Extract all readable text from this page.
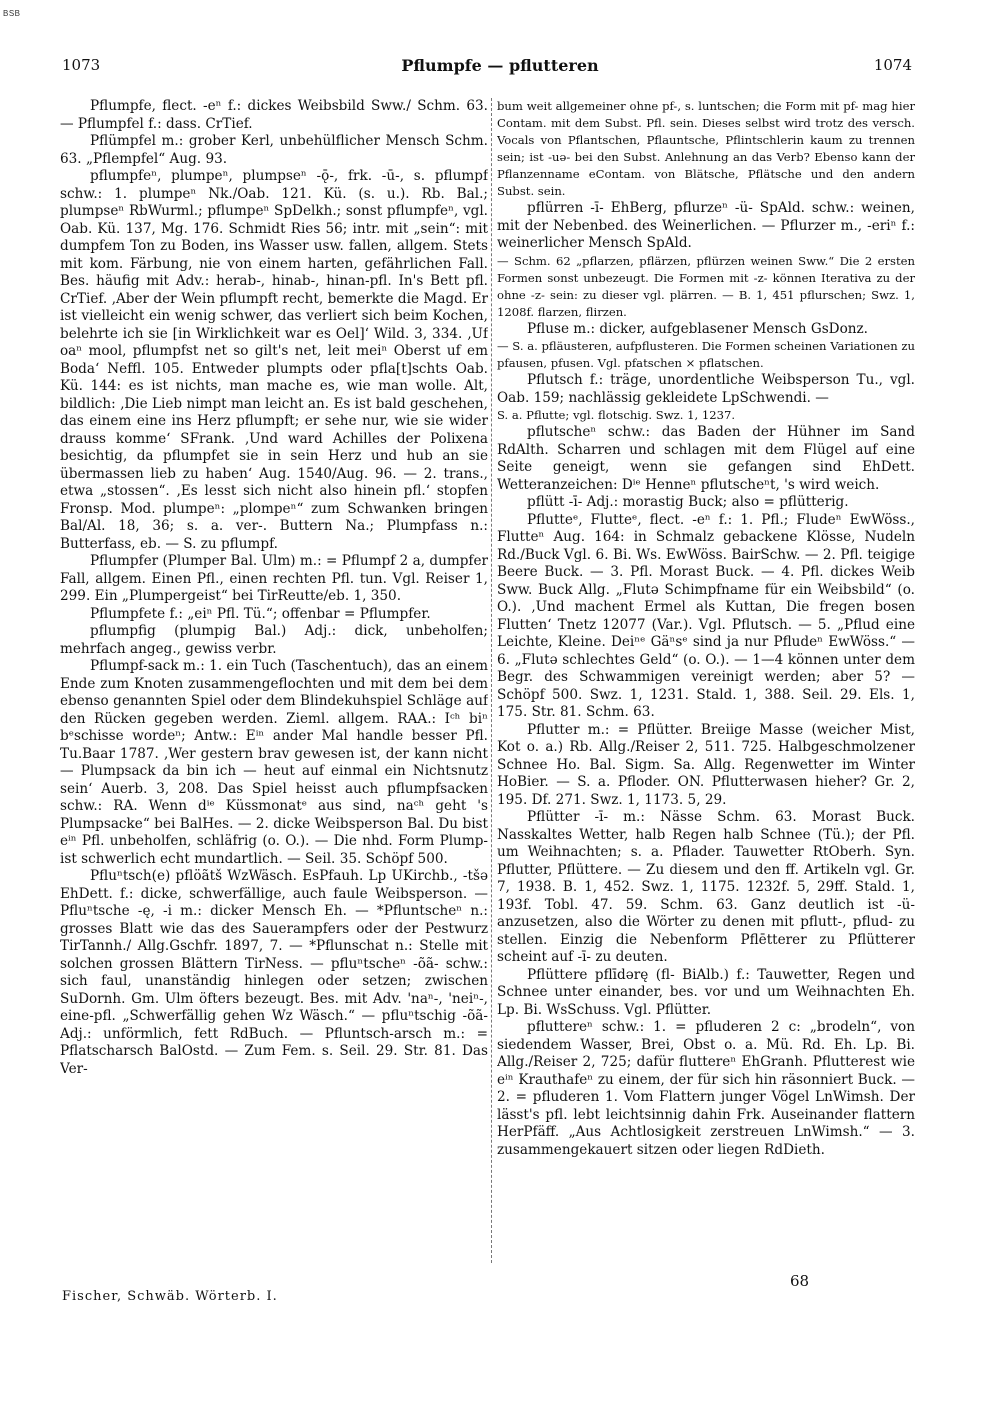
BSB
1073	Pflumpfe — pflutteren	1074

Pflumpfe, flect. -eⁿ f.: dickes Weibsbild Sww./ Schm. 63. — Pflumpfel f.: dass. CrTief.

Pflümpfel m.: grober Kerl, unbehülflicher Mensch Schm. 63. „Pflempfel“ Aug. 93.

pflumpfeⁿ, plumpeⁿ, plumpseⁿ -ǭ-, frk. -ū-, s. pflumpf schw.: 1. plumpeⁿ Nk./Oab. 121. Kü. (s. u.). Rb. Bal.; plumpseⁿ RbWurml.; pflumpeⁿ SpDelkh.; sonst pflumpfeⁿ, vgl. Oab. Kü. 137, Mg. 176. Schmidt Ries 56; intr. mit „sein“: mit dumpfem Ton zu Boden, ins Wasser usw. fallen, allgem. Stets mit kom. Färbung, nie von einem harten, gefährlichen Fall. Bes. häufig mit Adv.: herab-, hinab-, hinan-pfl. In's Bett pfl. CrTief. ‚Aber der Wein pflumpft recht, bemerkte die Magd. Er ist vielleicht ein wenig schwer, das verliert sich beim Kochen, belehrte ich sie [in Wirklichkeit war es Oel]‘ Wild. 3, 334. ‚Uf oaⁿ mool, pflumpfst net so gilt's net, leit meiⁿ Oberst uf em Boda‘ Neffl. 105. Entweder plumpts oder pfla[t]schts Oab. Kü. 144: es ist nichts, man mache es, wie man wolle. Alt, bildlich: ‚Die Lieb nimpt man leicht an. Es ist bald geschehen, das einem eine ins Herz pflumpft; er sehe nur, wie sie wider drauss komme‘ SFrank. ‚Und ward Achilles der Polixena besichtig, da pflumpfet sie in sein Herz und hub an sie übermassen lieb zu haben‘ Aug. 1540/Aug. 96. — 2. trans., etwa „stossen“. ‚Es lesst sich nicht also hinein pfl.‘ stopfen Fronsp. Mod. plumpeⁿ: „plompeⁿ“ zum Schwanken bringen Bal/Al. 18, 36; s. a. ver-. Buttern Na.; Plumpfass n.: Butterfass, eb. — S. zu pflumpf.

Pflumpfer (Plumper Bal. Ulm) m.: = Pflumpf 2 a, dumpfer Fall, allgem. Einen Pfl., einen rechten Pfl. tun. Vgl. Reiser 1, 299. Ein „Plumpergeist“ bei TirReutte/eb. 1, 350.

Pflumpfete f.: „eiⁿ Pfl. Tü.“; offenbar = Pflumpfer.

pflumpfig (plumpig Bal.) Adj.: dick, unbeholfen; mehrfach angeg., gewiss verbr.

Pflumpf-sack m.: 1. ein Tuch (Taschentuch), das an einem Ende zum Knoten zusammengeflochten und mit dem bei dem ebenso genannten Spiel oder dem Blindekuhspiel Schläge auf den Rücken gegeben werden. Zieml. allgem. RAA.: Iᶜʰ biⁿ bᵉschisse wordeⁿ; Antw.: Eⁱⁿ ander Mal handle besser Pfl. Tu.Baar 1787. ‚Wer gestern brav gewesen ist, der kann nicht — Plumpsack da bin ich — heut auf einmal ein Nichtsnutz sein‘ Auerb. 3, 208. Das Spiel heisst auch pflumpfsacken schw.: RA. Wenn dⁱᵉ Küssmonatᵉ aus sind, naᶜʰ geht 's Plumpsacke“ bei BalHes. — 2. dicke Weibsperson Bal. Du bist eⁱⁿ Pfl. unbeholfen, schläfrig (o. O.). — Die nhd. Form Plump- ist schwerlich echt mundartlich. — Seil. 35. Schöpf 500.

Pfluⁿtsch(e) pflöãtš WzWäsch. EsPfauh. Lp UKirchb., -tšə EhDett. f.: dicke, schwerfällige, auch faule Weibsperson. — Pfluⁿtsche -ę, -i m.: dicker Mensch Eh. — *Pfluntscheⁿ n.: grosses Blatt wie das des Sauerampfers oder der Pestwurz TirTannh./ Allg.Gschfr. 1897, 7. — *Pflunschat n.: Stelle mit solchen grossen Blättern TirNess. — pfluⁿtscheⁿ -õã- schw.: sich faul, unanständig hinlegen oder setzen; zwischen SuDornh. Gm. Ulm öfters bezeugt. Bes. mit Adv. 'naⁿ-, 'neiⁿ-, eine-pfl. „Schwerfällig gehen Wz Wäsch.“ — pfluⁿtschig -õã- Adj.: unförmlich, fett RdBuch. — Pfluntsch-arsch m.: = Pflatscharsch BalOstd. — Zum Fem. s. Seil. 29. Str. 81. Das Ver-

bum weit allgemeiner ohne pf-, s. luntschen; die Form mit pf- mag hier Contam. mit dem Subst. Pfl. sein. Dieses selbst wird trotz des versch. Vocals von Pflantschen, Pflauntsche, Pflintschlerin kaum zu trennen sein; ist -uə- bei den Subst. Anlehnung an das Verb? Ebenso kann der Pflanzenname eContam. von Blätsche, Pflätsche und den andern Subst. sein.

pflürren -ī- EhBerg, pflurzeⁿ -ü- SpAld. schw.: weinen, mit der Nebenbed. des Weinerlichen. — Pflurzer m., -eriⁿ f.: weinerlicher Mensch SpAld.

— Schm. 62 „pflarzen, pflärzen, pflürzen weinen Sww.“ Die 2 ersten Formen sonst unbezeugt. Die Formen mit -z- können Iterativa zu der ohne -z- sein: zu dieser vgl. plärren. — B. 1, 451 pflurschen; Swz. 1, 1208f. flarzen, flirzen.

Pfluse m.: dicker, aufgeblasener Mensch GsDonz.

— S. a. pfläusteren, aufpflusteren. Die Formen scheinen Variationen zu pfausen, pfusen. Vgl. pfatschen ⨯ pflatschen.

Pflutsch f.: träge, unordentliche Weibsperson Tu., vgl. Oab. 159; nachlässig gekleidete LpSchwendi. —

S. a. Pflutte; vgl. flotschig. Swz. 1, 1237.

pflutscheⁿ schw.: das Baden der Hühner im Sand RdAlth. Scharren und schlagen mit dem Flügel auf eine Seite geneigt, wenn sie gefangen sind EhDett. Wetteranzeichen: Dⁱᵉ Henneⁿ pflutscheⁿt, 's wird weich.

pflütt -ī- Adj.: morastig Buck; also = pflütterig.

Pflutteᵉ, Flutteᵉ, flect. -eⁿ f.: 1. Pfl.; Fludeⁿ EwWöss., Flutteⁿ Aug. 164: in Schmalz gebackene Klösse, Nudeln Rd./Buck Vgl. 6. Bi. Ws. EwWöss. BairSchw. — 2. Pfl. teigige Beere Buck. — 3. Pfl. Morast Buck. — 4. Pfl. dickes Weib Sww. Buck Allg. „Flutə Schimpfname für ein Weibsbild“ (o. O.). ‚Und machent Ermel als Kuttan, Die fregen bosen Flutten‘ Tnetz 12077 (Var.). Vgl. Pflutsch. — 5. „Pflud eine Leichte, Kleine. Deiⁿᵉ Gäⁿsᵉ sind ja nur Pfludeⁿ EwWöss.“ — 6. „Flutə schlechtes Geld“ (o. O.). — 1—4 können unter dem Begr. des Schwammigen vereinigt werden; aber 5? — Schöpf 500. Swz. 1, 1231. Stald. 1, 388. Seil. 29. Els. 1, 175. Str. 81. Schm. 63.

Pflutter m.: = Pflütter. Breiige Masse (weicher Mist, Kot o. a.) Rb. Allg./Reiser 2, 511. 725. Halbgeschmolzener Schnee Ho. Bal. Sigm. Sa. Allg. Regenwetter im Winter HoBier. — S. a. Pfloder. ON. Pflutterwasen hieher? Gr. 2, 195. Df. 271. Swz. 1, 1173. 5, 29.

Pflütter -ī- m.: Nässe Schm. 63. Morast Buck. Nasskaltes Wetter, halb Regen halb Schnee (Tü.); der Pfl. um Weihnachten; s. a. Pflader. Tauwetter RtOberh. Syn. Pflutter, Pflüttere. — Zu diesem und den ff. Artikeln vgl. Gr. 7, 1938. B. 1, 452. Swz. 1, 1175. 1232f. 5, 29ff. Stald. 1, 193f. Tobl. 47. 59. Schm. 63. Ganz deutlich ist -ü- anzusetzen, also die Wörter zu denen mit pflutt-, pflud- zu stellen. Einzig die Nebenform Pflētterer zu Pflütterer scheint auf -ī- zu deuten.

Pflüttere pflīdərę (fl- BiAlb.) f.: Tauwetter, Regen und Schnee unter einander, bes. vor und um Weihnachten Eh. Lp. Bi. WsSchuss. Vgl. Pflütter.

pfluttereⁿ schw.: 1. = pfluderen 2 c: „brodeln“, von siedendem Wasser, Brei, Obst o. a. Mü. Rd. Eh. Lp. Bi. Allg./Reiser 2, 725; dafür fluttereⁿ EhGranh. Pflutterest wie eⁱⁿ Krauthafeⁿ zu einem, der für sich hin räsonniert Buck. — 2. = pfluderen 1. Vom Flattern junger Vögel LnWimsh. Der lässt's pfl. lebt leichtsinnig dahin Frk. Auseinander flattern HerPfäff. „Aus Achtlosigkeit zerstreuen LnWimsh.“ — 3. zusammengekauert sitzen oder liegen RdDieth.

Fischer, Schwäb. Wörterb. I.
68
